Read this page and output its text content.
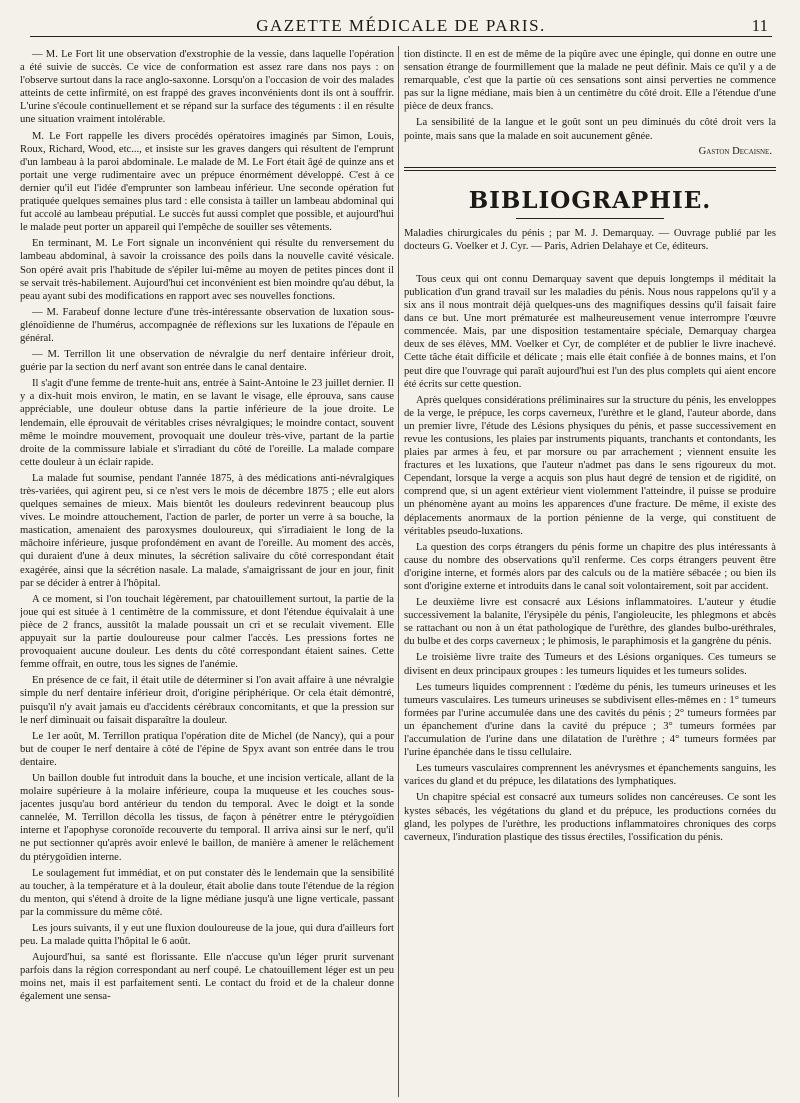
GAZETTE MÉDICALE DE PARIS.	11

— M. Le Fort lit une observation d'exstrophie de la vessie, dans laquelle l'opération a été suivie de succès. Ce vice de conformation est assez rare dans nos pays : on l'observe surtout dans la race anglo-saxonne. Lorsqu'on a l'occasion de voir des malades atteints de cette infirmité, on est frappé des graves inconvénients dont ils ont à souffrir. L'urine s'écoule continuellement et se répand sur la surface des téguments : il en résulte une situation vraiment intolérable.

M. Le Fort rappelle les divers procédés opératoires imaginés par Simon, Louis, Roux, Richard, Wood, etc..., et insiste sur les graves dangers qui résultent de l'emprunt d'un lambeau à la paroi abdominale. Le malade de M. Le Fort était âgé de quinze ans et portait une verge rudimentaire avec un prépuce énormément développé. C'est à ce dernier qu'il eut l'idée d'emprunter son lambeau inférieur. Une seconde opération fut pratiquée quelques semaines plus tard : elle consista à tailler un lambeau abdominal qui fut accolé au lambeau préputial. Le succès fut aussi complet que possible, et aujourd'hui le malade peut porter un appareil qui l'empêche de souiller ses vêtements.

En terminant, M. Le Fort signale un inconvénient qui résulte du renversement du lambeau abdominal, à savoir la croissance des poils dans la nouvelle cavité vésicale. Son opéré avait pris l'habitude de s'épiler lui-même au moyen de petites pinces dont il se servait très-habilement. Aujourd'hui cet inconvénient est bien moindre qu'au début, la peau ayant subi des modifications en rapport avec ses nouvelles fonctions.

— M. Farabeuf donne lecture d'une très-intéressante observation de luxation sous-glénoïdienne de l'humérus, accompagnée de réflexions sur les luxations de l'épaule en général.

— M. Terrillon lit une observation de névralgie du nerf dentaire inférieur droit, guérie par la section du nerf avant son entrée dans le canal dentaire.

Il s'agit d'une femme de trente-huit ans, entrée à Saint-Antoine le 23 juillet dernier. Il y a dix-huit mois environ, le matin, en se lavant le visage, elle éprouva, sans cause appréciable, une douleur obtuse dans la partie inférieure de la joue droite. Le lendemain, elle éprouvait de véritables crises névralgiques; le moindre contact, souvent même le moindre mouvement, provoquait une douleur très-vive, partant de la partie droite de la commissure labiale et s'irradiant du côté de l'oreille. La malade compare cette douleur à un éclair rapide.

La malade fut soumise, pendant l'année 1875, à des médications anti-névralgiques très-variées, qui agirent peu, si ce n'est vers le mois de décembre 1875 ; elle eut alors quelques semaines de mieux. Mais bientôt les douleurs redevinrent beaucoup plus vives. Le moindre attouchement, l'action de parler, de porter un verre à sa bouche, la mastication, amenaient des paroxysmes douloureux, qui s'irradiaient le long de la mâchoire inférieure, jusque profondément en avant de l'oreille. Au moment des accès, qui duraient d'une à deux minutes, la sécrétion salivaire du côté correspondant était exagérée, ainsi que la sécrétion nasale. La malade, s'amaigrissant de jour en jour, finit par se décider à entrer à l'hôpital.

A ce moment, si l'on touchait légèrement, par chatouillement surtout, la partie de la joue qui est située à 1 centimètre de la commissure, et dont l'étendue équivalait à une pièce de 2 francs, aussitôt la malade poussait un cri et se reculait vivement. Elle appuyait sur la partie douloureuse pour calmer l'accès. Les pressions fortes ne provoquaient aucune douleur. Les dents du côté correspondant étaient saines. Cette femme offrait, en outre, tous les signes de l'anémie.

En présence de ce fait, il était utile de déterminer si l'on avait affaire à une névralgie simple du nerf dentaire inférieur droit, d'origine périphérique. Or cela était démontré, puisqu'il n'y avait jamais eu d'accidents cérébraux concomitants, et que la pression sur le nerf diminuait ou faisait disparaître la douleur.

Le 1er août, M. Terrillon pratiqua l'opération dite de Michel (de Nancy), qui a pour but de couper le nerf dentaire à côté de l'épine de Spyx avant son entrée dans le trou dentaire.

Un baillon double fut introduit dans la bouche, et une incision verticale, allant de la molaire supérieure à la molaire inférieure, coupa la muqueuse et les couches sous-jacentes jusqu'au bord antérieur du tendon du temporal. Avec le doigt et la sonde cannelée, M. Terrillon décolla les tissus, de façon à pénétrer entre le ptérygoïdien interne et l'apophyse coronoïde recouverte du temporal. Il arriva ainsi sur le nerf, qu'il ne put sectionner qu'après avoir enlevé le baillon, de manière à amener le relâchement du ptérygoïdien interne.

Le soulagement fut immédiat, et on put constater dès le lendemain que la sensibilité au toucher, à la température et à la douleur, était abolie dans toute l'étendue de la région du menton, qui s'étend à droite de la ligne médiane jusqu'à une ligne verticale, passant par la commissure du même côté.

Les jours suivants, il y eut une fluxion douloureuse de la joue, qui dura d'ailleurs fort peu. La malade quitta l'hôpital le 6 août.

Aujourd'hui, sa santé est florissante. Elle n'accuse qu'un léger prurit survenant parfois dans la région correspondant au nerf coupé. Le chatouillement léger est un peu moins net, mais il est parfaitement senti. Le contact du froid et de la chaleur donne également une sensa-

tion distincte. Il en est de même de la piqûre avec une épingle, qui donne en outre une sensation étrange de fourmillement que la malade ne peut définir. Mais ce qu'il y a de remarquable, c'est que la partie où ces sensations sont ainsi perverties ne commence pas sur la ligne médiane, mais bien à un centimètre du côté droit. Elle a l'étendue d'une pièce de deux francs.

La sensibilité de la langue et le goût sont un peu diminués du côté droit vers la pointe, mais sans que la malade en soit aucunement gênée.

Gaston Decaisne.
BIBLIOGRAPHIE.

Maladies chirurgicales du pénis ; par M. J. Demarquay. — Ouvrage publié par les docteurs G. Voelker et J. Cyr. — Paris, Adrien Delahaye et Ce, éditeurs.

Tous ceux qui ont connu Demarquay savent que depuis longtemps il méditait la publication d'un grand travail sur les maladies du pénis. Nous nous rappelons qu'il y a six ans il nous montrait déjà quelques-uns des magnifiques dessins qu'il faisait faire dans ce but. Une mort prématurée est malheureusement venue interrompre l'œuvre commencée. Mais, par une disposition testamentaire spéciale, Demarquay chargea deux de ses élèves, MM. Voelker et Cyr, de compléter et de publier le livre inachevé. Cette tâche était difficile et délicate ; mais elle était confiée à de bonnes mains, et l'on peut dire que l'ouvrage qui paraît aujourd'hui est l'un des plus complets qui aient encore été écrits sur cette question.

Après quelques considérations préliminaires sur la structure du pénis, les enveloppes de la verge, le prépuce, les corps caverneux, l'urèthre et le gland, l'auteur aborde, dans un premier livre, l'étude des Lésions physiques du pénis, et passe successivement en revue les contusions, les plaies par instruments piquants, tranchants et contondants, les plaies par armes à feu, et par morsure ou par arrachement ; viennent ensuite les fractures et les luxations, que l'auteur n'admet pas dans le sens rigoureux du mot. Cependant, lorsque la verge a acquis son plus haut degré de tension et de rigidité, on comprend que, si un agent extérieur vient violemment l'atteindre, il puisse se produire un phénomène ayant au moins les apparences d'une fracture. De même, il existe des déplacements anormaux de la portion pénienne de la verge, qui constituent de véritables pseudo-luxations.

La question des corps étrangers du pénis forme un chapitre des plus intéressants à cause du nombre des observations qu'il renferme. Ces corps étrangers peuvent être d'origine interne, et formés alors par des calculs ou de la matière sébacée ; ou bien ils sont d'origine externe et introduits dans le canal soit volontairement, soit par accident.

Le deuxième livre est consacré aux Lésions inflammatoires. L'auteur y étudie successivement la balanite, l'érysipèle du pénis, l'angioleucite, les phlegmons et abcès se rattachant ou non à un état pathologique de l'urèthre, des glandes bulbo-uréthrales, du bulbe et des corps caverneux ; le phimosis, le paraphimosis et la gangrène du pénis.

Le troisième livre traite des Tumeurs et des Lésions organiques. Ces tumeurs se divisent en deux principaux groupes : les tumeurs liquides et les tumeurs solides.

Les tumeurs liquides comprennent : l'œdème du pénis, les tumeurs urineuses et les tumeurs vasculaires. Les tumeurs urineuses se subdivisent elles-mêmes en : 1° tumeurs formées par l'urine accumulée dans une des cavités du pénis ; 2° tumeurs formées par un épanchement d'urine dans la cavité du prépuce ; 3° tumeurs formées par l'accumulation de l'urine dans une dilatation de l'urèthre ; 4° tumeurs formées par l'urine épanchée dans le tissu cellulaire.

Les tumeurs vasculaires comprennent les anévrysmes et épanchements sanguins, les varices du gland et du prépuce, les dilatations des lymphatiques.

Un chapitre spécial est consacré aux tumeurs solides non cancéreuses. Ce sont les kystes sébacés, les végétations du gland et du prépuce, les productions cornées du gland, les polypes de l'urèthre, les productions inflammatoires chroniques des corps caverneux, l'induration plastique des tissus érectiles, l'ossification du pénis.
